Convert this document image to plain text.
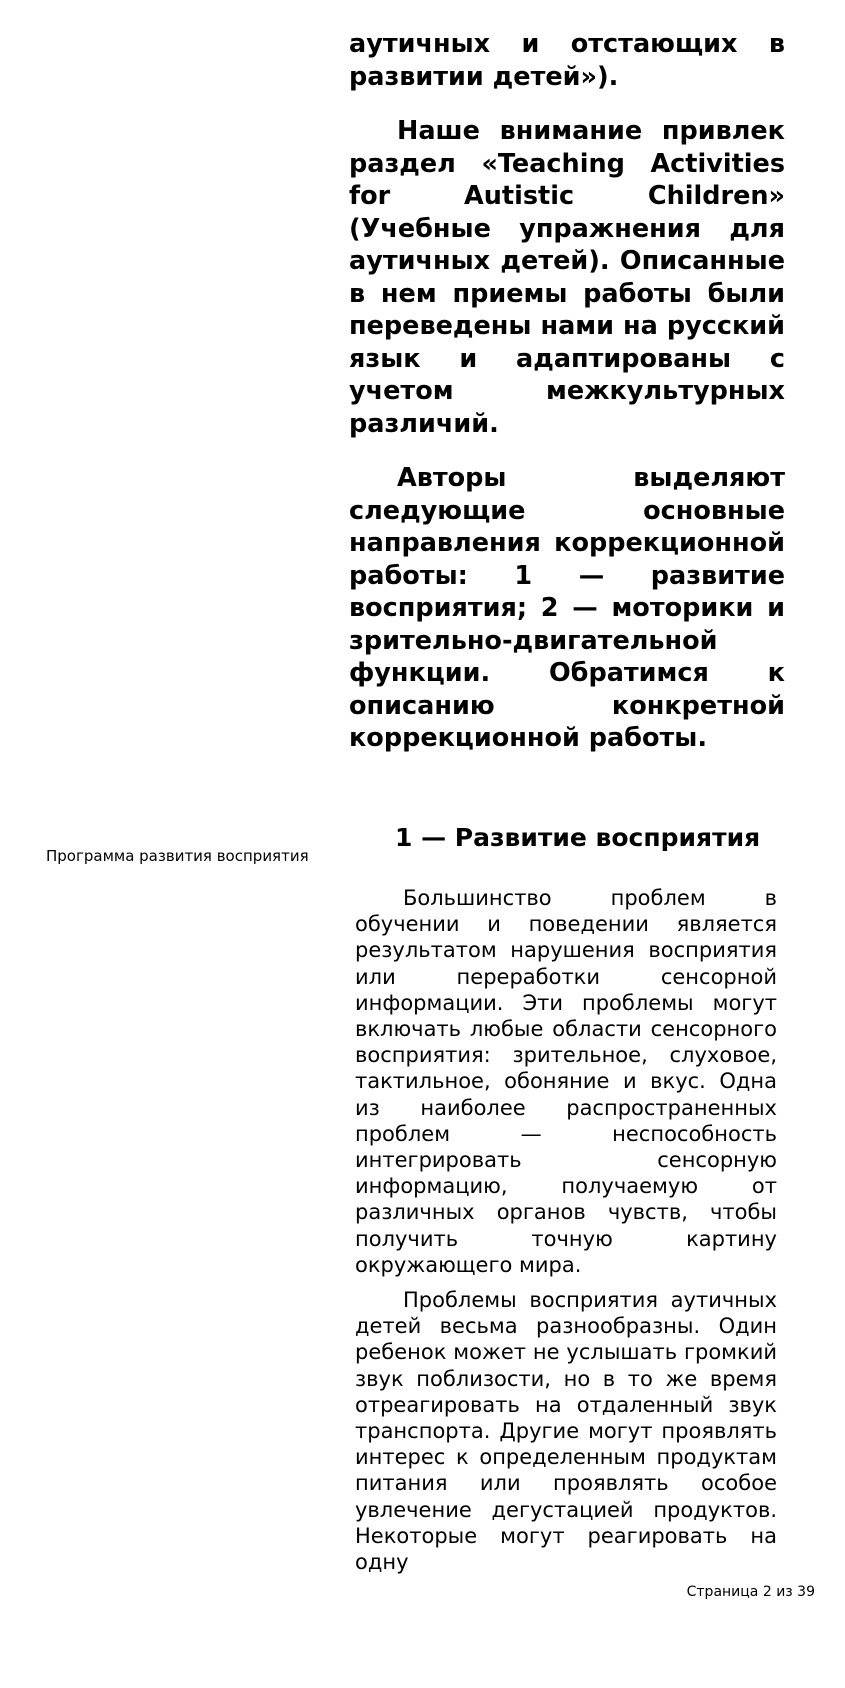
аутичных и отстающих в развитии детей»).

Наше внимание привлек раздел «Teaching Activities for Autistic Children» (Учебные упражнения для аутичных детей). Описанные в нем приемы работы были переведены нами на русский язык и адаптированы с учетом межкультурных различий.

Авторы выделяют следующие основные направления коррекционной работы: 1 — развитие восприятия; 2 — моторики и зрительно-двигательной функции. Обратимся к описанию конкретной коррекционной работы.

1 — Развитие восприятия
Программа развития восприятия

Большинство проблем в обучении и поведении является результатом нарушения восприятия или переработки сенсорной информации. Эти проблемы могут включать любые области сенсорного восприятия: зрительное, слуховое, тактильное, обоняние и вкус. Одна из наиболее распространенных проблем — неспособность интегрировать сенсорную информацию, получаемую от различных органов чувств, чтобы получить точную картину окружающего мира.

Проблемы восприятия аутичных детей весьма разнообразны. Один ребенок может не услышать громкий звук поблизости, но в то же время отреагировать на отдаленный звук транспорта. Другие могут проявлять интерес к определенным продуктам питания или проявлять особое увлечение дегустацией продуктов. Некоторые могут реагировать на одну

Страница 2 из 39
